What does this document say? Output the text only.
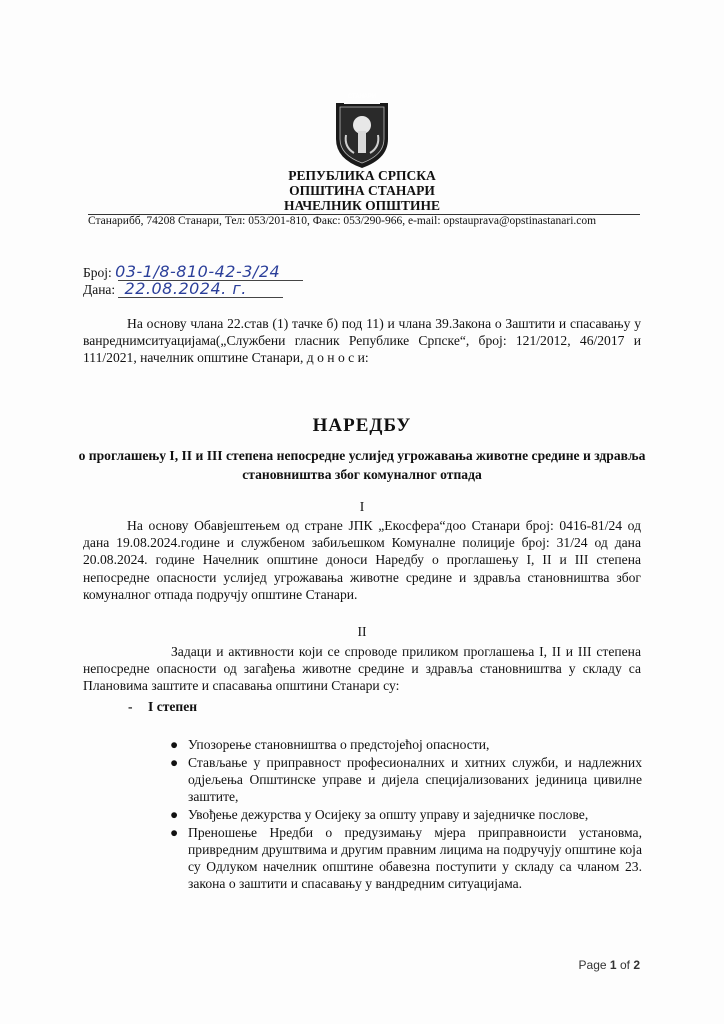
СТАНАРИ
РЕПУБЛИКА СРПСКА
ОПШТИНА СТАНАРИ
НАЧЕЛНИК ОПШТИНЕ
Станарибб, 74208 Станари, Тел: 053/201-810, Факс: 053/290-966, e-mail: opstauprava@opstinastanari.com
Број: 03-1/8-810-42-3/24
Дана: 22.08.2024. г.
На основу члана 22.став (1) тачке б) под 11) и члана 39.Закона о Заштити и спасавању у ванреднимситуацијама(„Службени гласник Републике Српске“, број: 121/2012, 46/2017 и 111/2021, начелник општине Станари, д о н о с и:
НАРЕДБУ
о проглашењу I, II и III степена непосредне услијед угрожавања животне средине и здравља становништва због комуналног отпада
I
На основу Обавјештењем од стране ЈПК „Екосфера“доо Станари број: 0416-81/24 од дана 19.08.2024.године и службеном забиљешком Комуналне полиције број: 31/24 од дана 20.08.2024. године Начелник општине доноси Наредбу о проглашењу I, II и III степена непосредне опасности услијед угрожавања животне средине и здравља становништва због комуналног отпада подручју општине Станари.
II
Задаци и активности који се спроводе приликом проглашења I, II и III степена непосредне опасности од загађења животне средине и здравља становништва у складу са Плановима заштите и спасавања општини Станари су:
- I степен
● Упозорење становништва о предстојећој опасности,
● Стављање у приправност професионалних и хитних служби, и надлежних одјељења Општинске управе и дијела специјализованих јединица цивилне заштите,
● Увођење дежурства у Осијеку за општу управу и заједничке послове,
● Преношење Нредби о предузимању мјера приправноисти установма, привредним друштвима и другим правним лицима на подручују општине која су Одлуком начелник општине обавезна поступити у складу са чланом 23. закона о заштити и спасавању у вандредним ситуацијама.
Page 1 of 2
